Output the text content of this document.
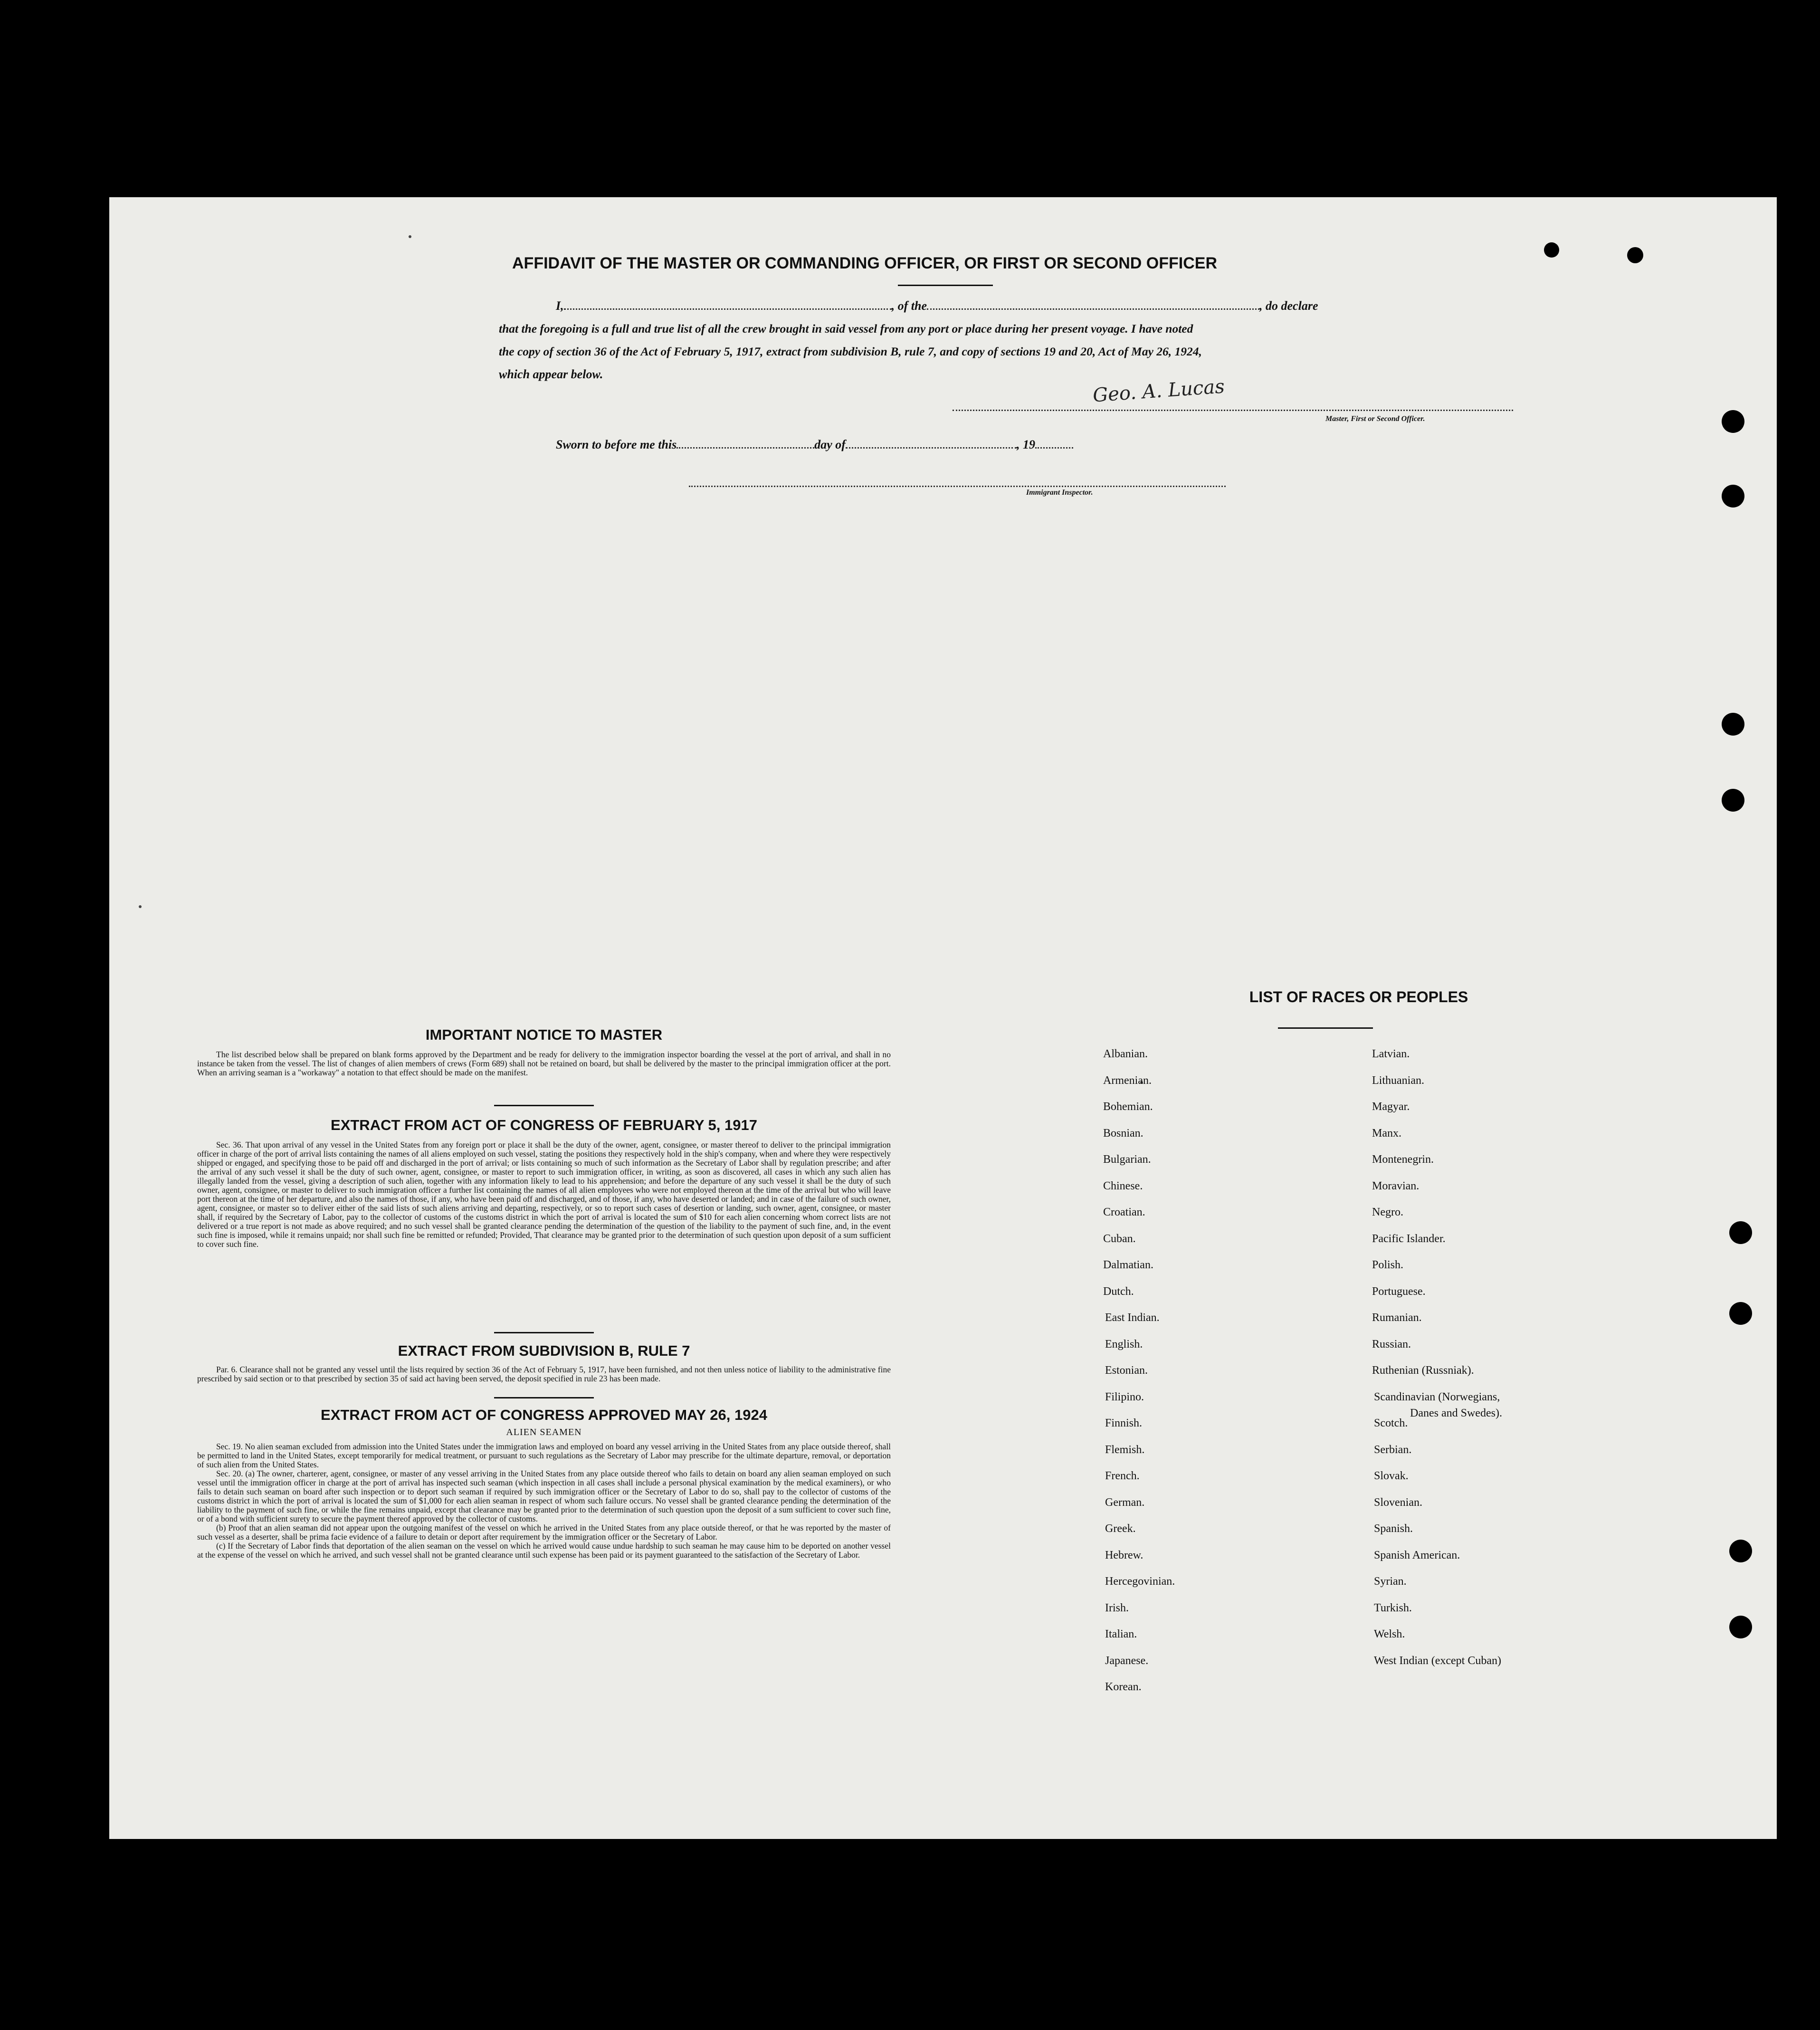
AFFIDAVIT OF THE MASTER OR COMMANDING OFFICER, OR FIRST OR SECOND OFFICER
I,	, of the	, do declare
that the foregoing is a full and true list of all the crew brought in said vessel from any port or place during her present voyage. I have noted
the copy of section 36 of the Act of February 5, 1917, extract from subdivision B, rule 7, and copy of sections 19 and 20, Act of May 26, 1924,
which appear below.
Geo. A. Lucas
Master, First or Second Officer.
Sworn to before me this	day of	, 19
Immigrant Inspector.
IMPORTANT NOTICE TO MASTER

The list described below shall be prepared on blank forms approved by the Department and be ready for delivery to the immigration inspector boarding the vessel at the port of arrival, and shall in no instance be taken from the vessel. The list of changes of alien members of crews (Form 689) shall not be retained on board, but shall be delivered by the master to the principal immigration officer at the port. When an arriving seaman is a "workaway" a notation to that effect should be made on the manifest.

EXTRACT FROM ACT OF CONGRESS OF FEBRUARY 5, 1917

Sec. 36. That upon arrival of any vessel in the United States from any foreign port or place it shall be the duty of the owner, agent, consignee, or master thereof to deliver to the principal immigration officer in charge of the port of arrival lists containing the names of all aliens employed on such vessel, stating the positions they respectively hold in the ship's company, when and where they were respectively shipped or engaged, and specifying those to be paid off and discharged in the port of arrival; or lists containing so much of such information as the Secretary of Labor shall by regulation prescribe; and after the arrival of any such vessel it shall be the duty of such owner, agent, consignee, or master to report to such immigration officer, in writing, as soon as discovered, all cases in which any such alien has illegally landed from the vessel, giving a description of such alien, together with any information likely to lead to his apprehension; and before the departure of any such vessel it shall be the duty of such owner, agent, consignee, or master to deliver to such immigration officer a further list containing the names of all alien employees who were not employed thereon at the time of the arrival but who will leave port thereon at the time of her departure, and also the names of those, if any, who have been paid off and discharged, and of those, if any, who have deserted or landed; and in case of the failure of such owner, agent, consignee, or master so to deliver either of the said lists of such aliens arriving and departing, respectively, or so to report such cases of desertion or landing, such owner, agent, consignee, or master shall, if required by the Secretary of Labor, pay to the collector of customs of the customs district in which the port of arrival is located the sum of $10 for each alien concerning whom correct lists are not delivered or a true report is not made as above required; and no such vessel shall be granted clearance pending the determination of the question of the liability to the payment of such fine, and, in the event such fine is imposed, while it remains unpaid; nor shall such fine be remitted or refunded; Provided, That clearance may be granted prior to the determination of such question upon deposit of a sum sufficient to cover such fine.

EXTRACT FROM SUBDIVISION B, RULE 7

Par. 6. Clearance shall not be granted any vessel until the lists required by section 36 of the Act of February 5, 1917, have been furnished, and not then unless notice of liability to the administrative fine prescribed by said section or to that prescribed by section 35 of said act having been served, the deposit specified in rule 23 has been made.

EXTRACT FROM ACT OF CONGRESS APPROVED MAY 26, 1924
ALIEN SEAMEN

Sec. 19. No alien seaman excluded from admission into the United States under the immigration laws and employed on board any vessel arriving in the United States from any place outside thereof, shall be permitted to land in the United States, except temporarily for medical treatment, or pursuant to such regulations as the Secretary of Labor may prescribe for the ultimate departure, removal, or deportation of such alien from the United States.

Sec. 20. (a) The owner, charterer, agent, consignee, or master of any vessel arriving in the United States from any place outside thereof who fails to detain on board any alien seaman employed on such vessel until the immigration officer in charge at the port of arrival has inspected such seaman (which inspection in all cases shall include a personal physical examination by the medical examiners), or who fails to detain such seaman on board after such inspection or to deport such seaman if required by such immigration officer or the Secretary of Labor to do so, shall pay to the collector of customs of the customs district in which the port of arrival is located the sum of $1,000 for each alien seaman in respect of whom such failure occurs. No vessel shall be granted clearance pending the determination of the liability to the payment of such fine, or while the fine remains unpaid, except that clearance may be granted prior to the determination of such question upon the deposit of a sum sufficient to cover such fine, or of a bond with sufficient surety to secure the payment thereof approved by the collector of customs.

(b) Proof that an alien seaman did not appear upon the outgoing manifest of the vessel on which he arrived in the United States from any place outside thereof, or that he was reported by the master of such vessel as a deserter, shall be prima facie evidence of a failure to detain or deport after requirement by the immigration officer or the Secretary of Labor.

(c) If the Secretary of Labor finds that deportation of the alien seaman on the vessel on which he arrived would cause undue hardship to such seaman he may cause him to be deported on another vessel at the expense of the vessel on which he arrived, and such vessel shall not be granted clearance until such expense has been paid or its payment guaranteed to the satisfaction of the Secretary of Labor.

LIST OF RACES OR PEOPLES
Albanian.
Armenian.
Bohemian.
Bosnian.
Bulgarian.
Chinese.
Croatian.
Cuban.
Dalmatian.
Dutch.
East Indian.
English.
Estonian.
Filipino.
Finnish.
Flemish.
French.
German.
Greek.
Hebrew.
Hercegovinian.
Irish.
Italian.
Japanese.
Korean.
Latvian.
Lithuanian.
Magyar.
Manx.
Montenegrin.
Moravian.
Negro.
Pacific Islander.
Polish.
Portuguese.
Rumanian.
Russian.
Ruthenian (Russniak).
Scandinavian (Norwegians,
Danes and Swedes).
Scotch.
Serbian.
Slovak.
Slovenian.
Spanish.
Spanish American.
Syrian.
Turkish.
Welsh.
West Indian (except Cuban)
